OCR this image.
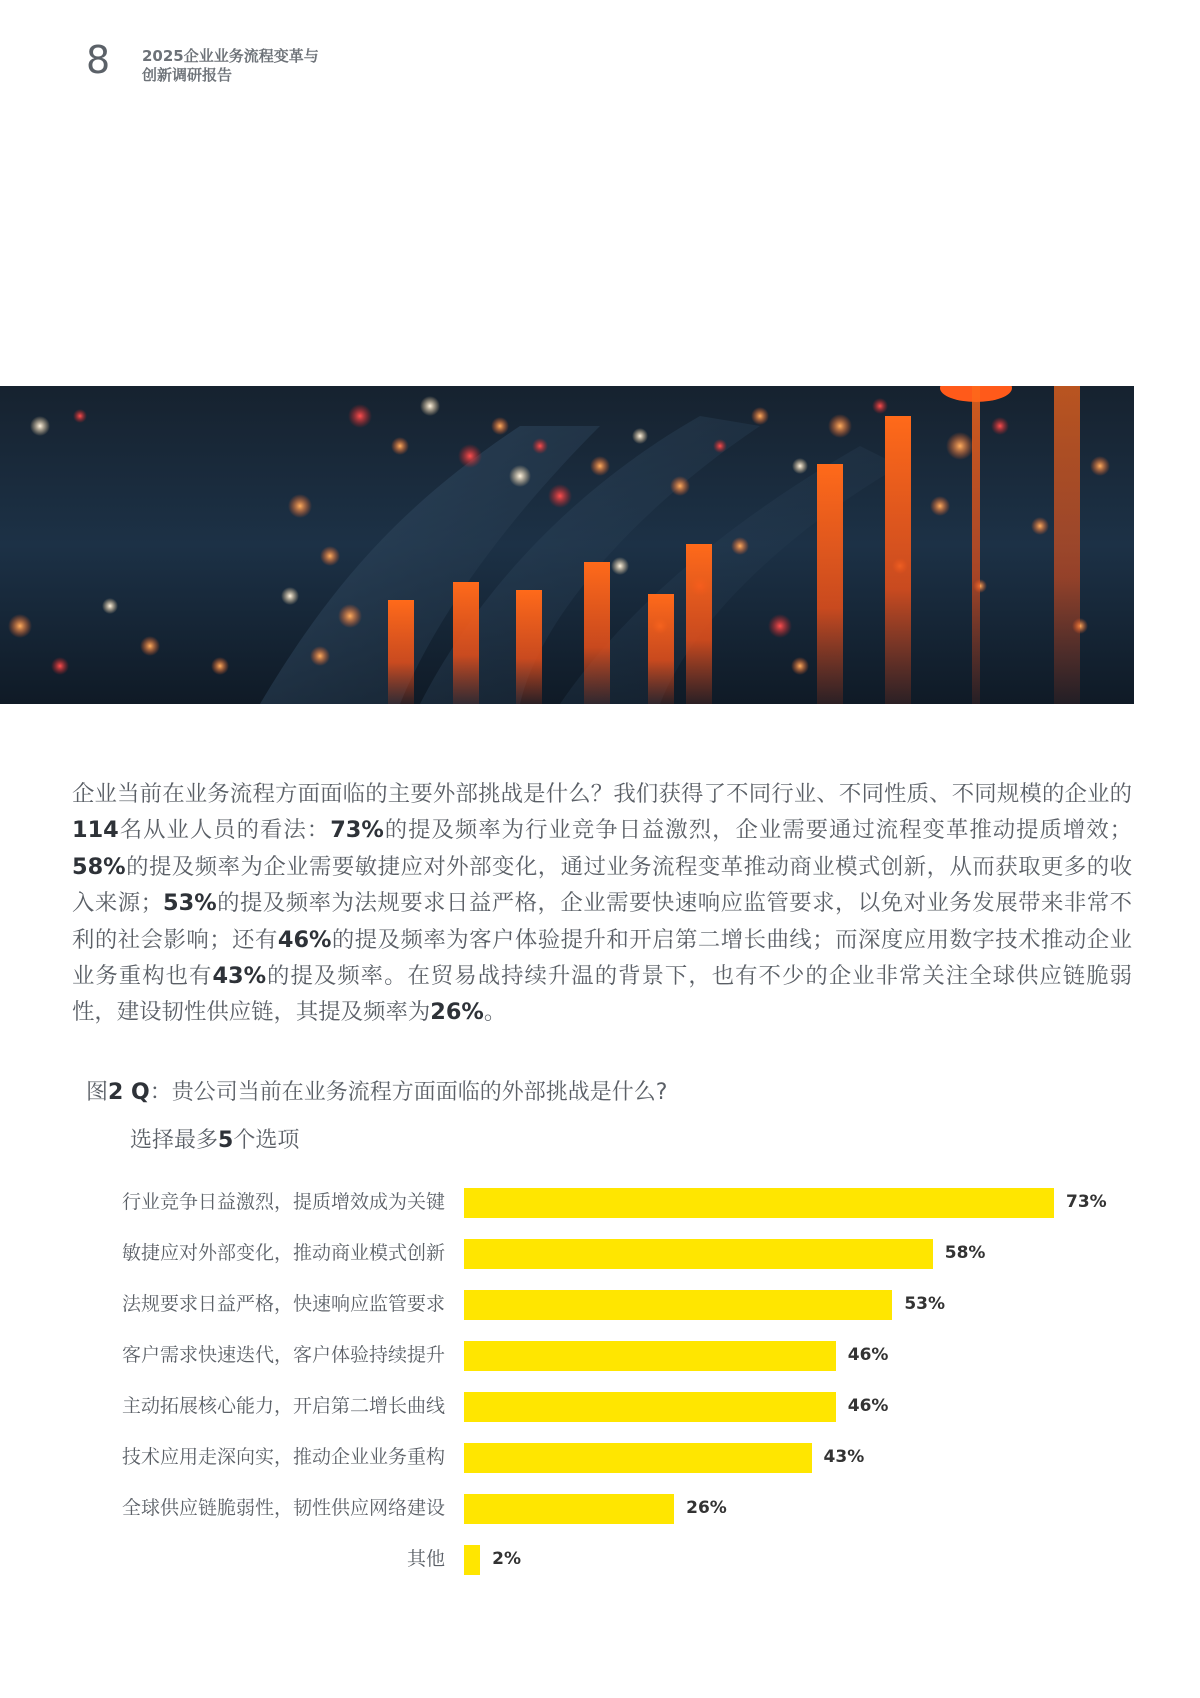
8 2025企业业务流程变革与
创新调研报告
企业当前在业务流程方面面临的主要外部挑战是什么？我们获得了不同行业、不同性质、不同规模的企业的114名从业人员的看法：73%的提及频率为行业竞争日益激烈，企业需要通过流程变革推动提质增效；58%的提及频率为企业需要敏捷应对外部变化，通过业务流程变革推动商业模式创新，从而获取更多的收入来源；53%的提及频率为法规要求日益严格，企业需要快速响应监管要求，以免对业务发展带来非常不利的社会影响；还有46%的提及频率为客户体验提升和开启第二增长曲线；而深度应用数字技术推动企业业务重构也有43%的提及频率。在贸易战持续升温的背景下，也有不少的企业非常关注全球供应链脆弱性，建设韧性供应链，其提及频率为26%。
图2 Q：贵公司当前在业务流程方面面临的外部挑战是什么?
选择最多5个选项
行业竞争日益激烈，提质增效成为关键	73%
敏捷应对外部变化，推动商业模式创新	58%
法规要求日益严格，快速响应监管要求	53%
客户需求快速迭代，客户体验持续提升	46%
主动拓展核心能力，开启第二增长曲线	46%
技术应用走深向实，推动企业业务重构	43%
全球供应链脆弱性，韧性供应网络建设	26%
其他	2%
